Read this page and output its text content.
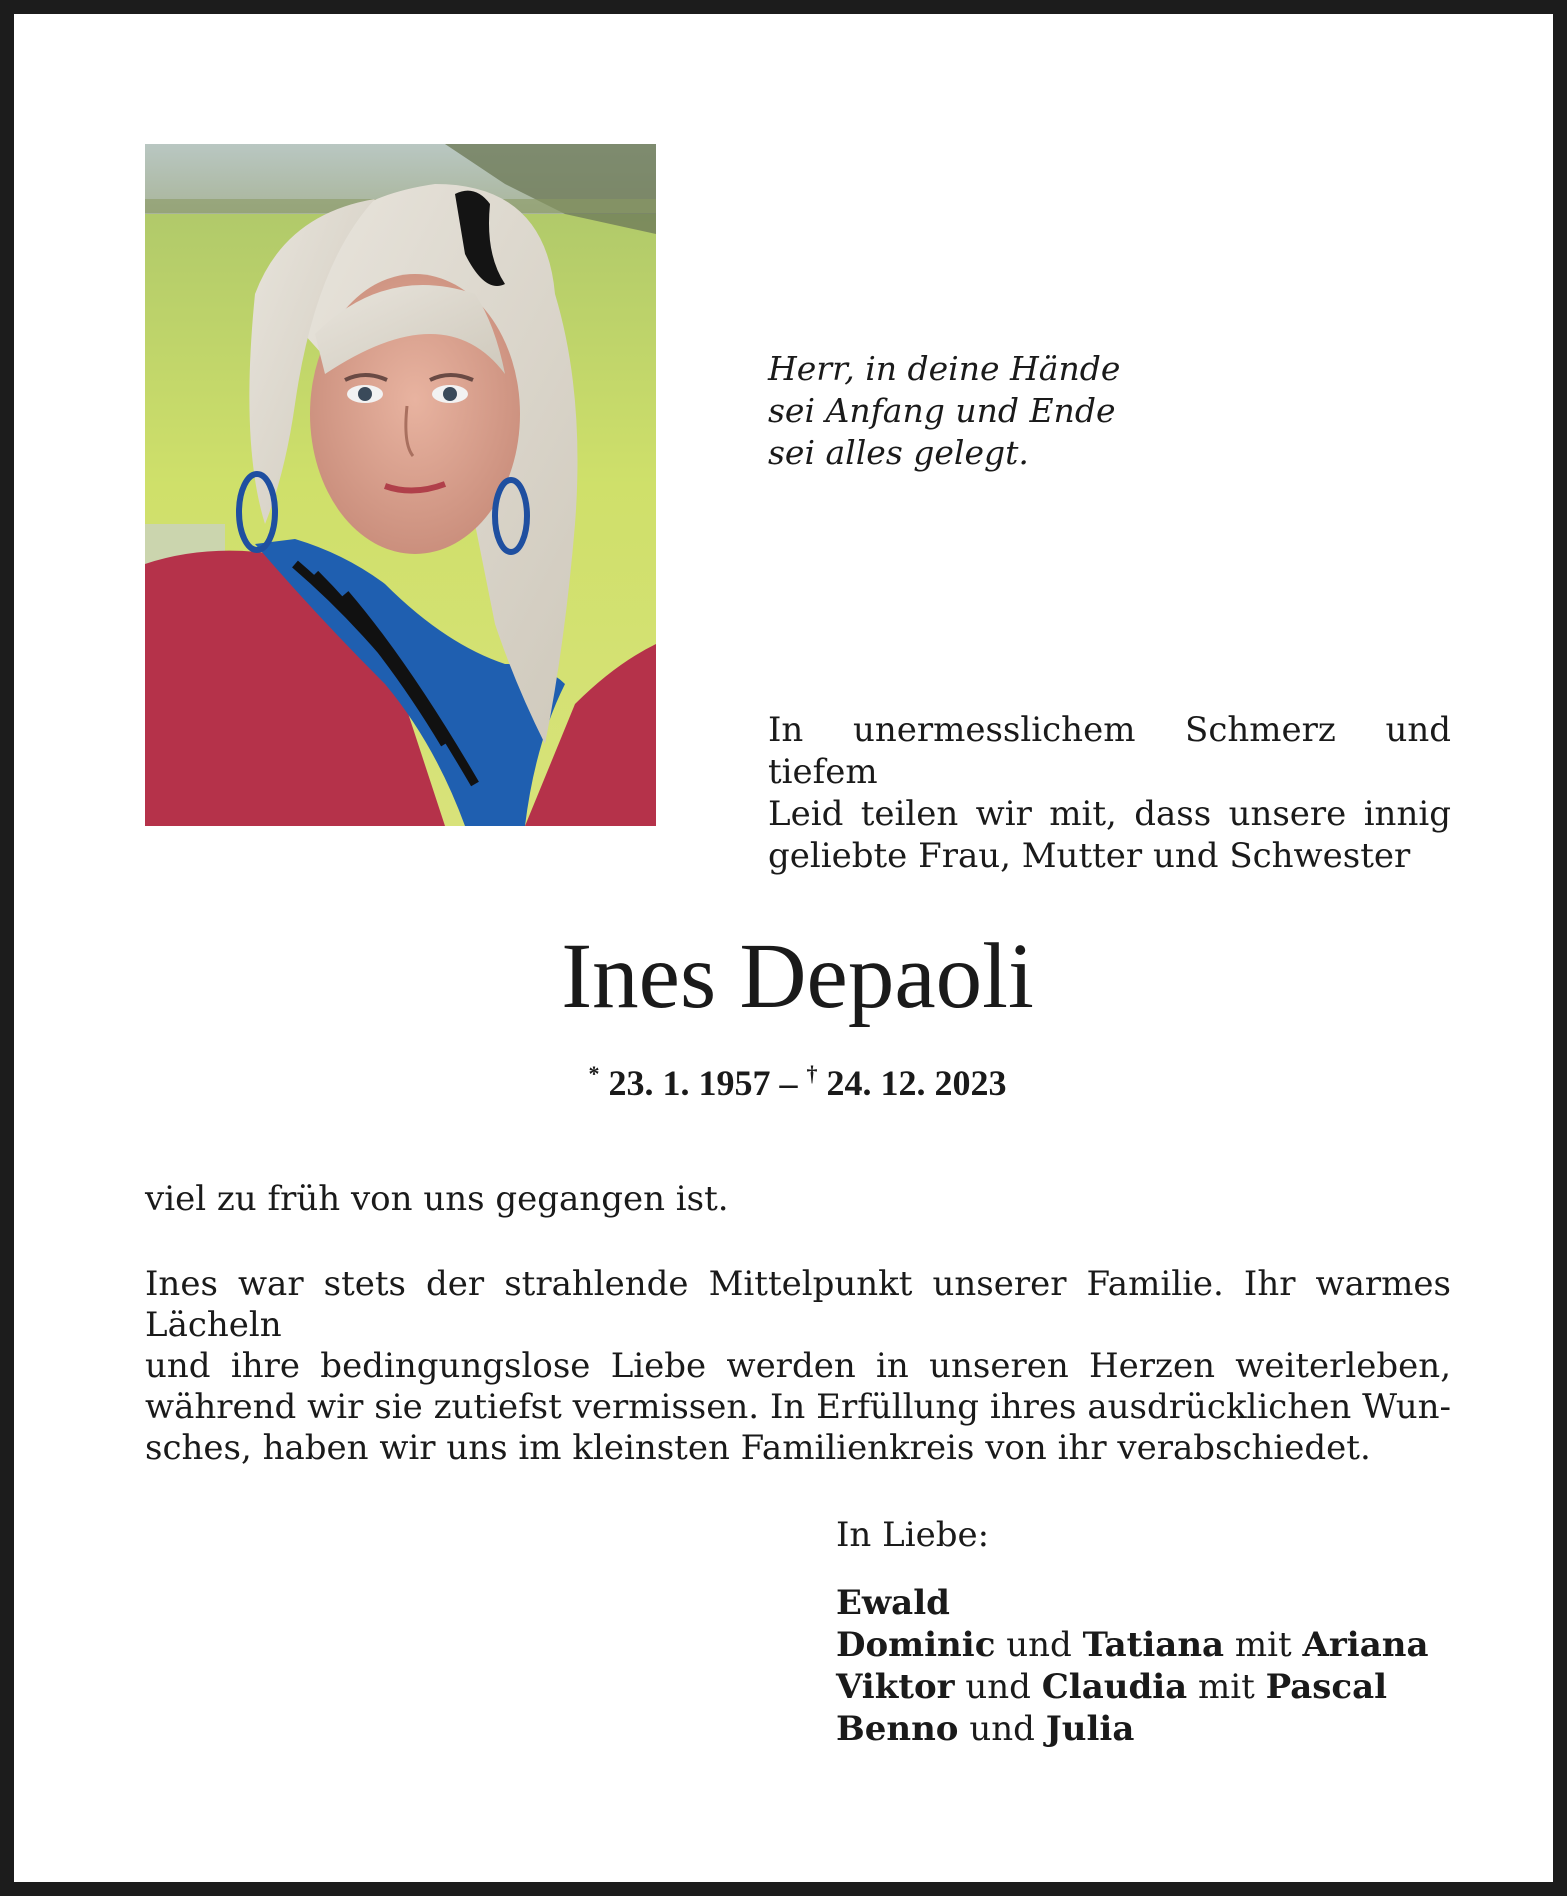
Herr, in deine Hände
sei Anfang und Ende
sei alles gelegt.
In unermesslichem Schmerz und tiefem
Leid teilen wir mit, dass unsere innig
geliebte Frau, Mutter und Schwester
Ines Depaoli
* 23. 1. 1957 – † 24. 12. 2023
viel zu früh von uns gegangen ist.
Ines war stets der strahlende Mittelpunkt unserer Familie. Ihr warmes Lächeln
und ihre bedingungslose Liebe werden in unseren Herzen weiterleben,
während wir sie zutiefst vermissen. In Erfüllung ihres ausdrücklichen Wun-
sches, haben wir uns im kleinsten Familienkreis von ihr verabschiedet.
In Liebe:
Ewald
Dominic und Tatiana mit Ariana
Viktor und Claudia mit Pascal
Benno und Julia
